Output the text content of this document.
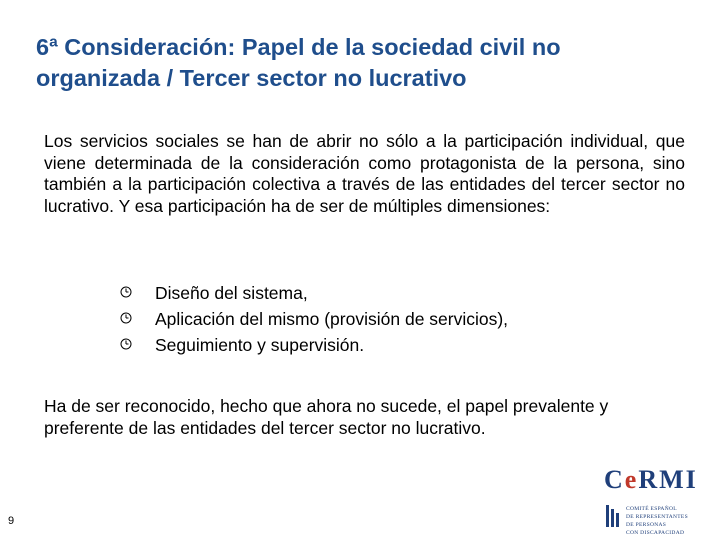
6ª Consideración: Papel de la sociedad civil no
organizada / Tercer sector no lucrativo
Los servicios sociales se han de abrir no sólo a la participación individual, que viene determinada de la consideración como protagonista de la persona, sino también a la participación colectiva a través de las entidades del tercer sector no lucrativo. Y esa participación ha de ser de múltiples dimensiones:
Diseño del sistema,
Aplicación del mismo (provisión de servicios),
Seguimiento y supervisión.
Ha de ser reconocido, hecho que ahora no sucede, el papel prevalente y preferente de las entidades del tercer sector no lucrativo.
9
CeRMI
COMITÉ ESPAÑOL
DE REPRESENTANTES
DE PERSONAS
CON DISCAPACIDAD
